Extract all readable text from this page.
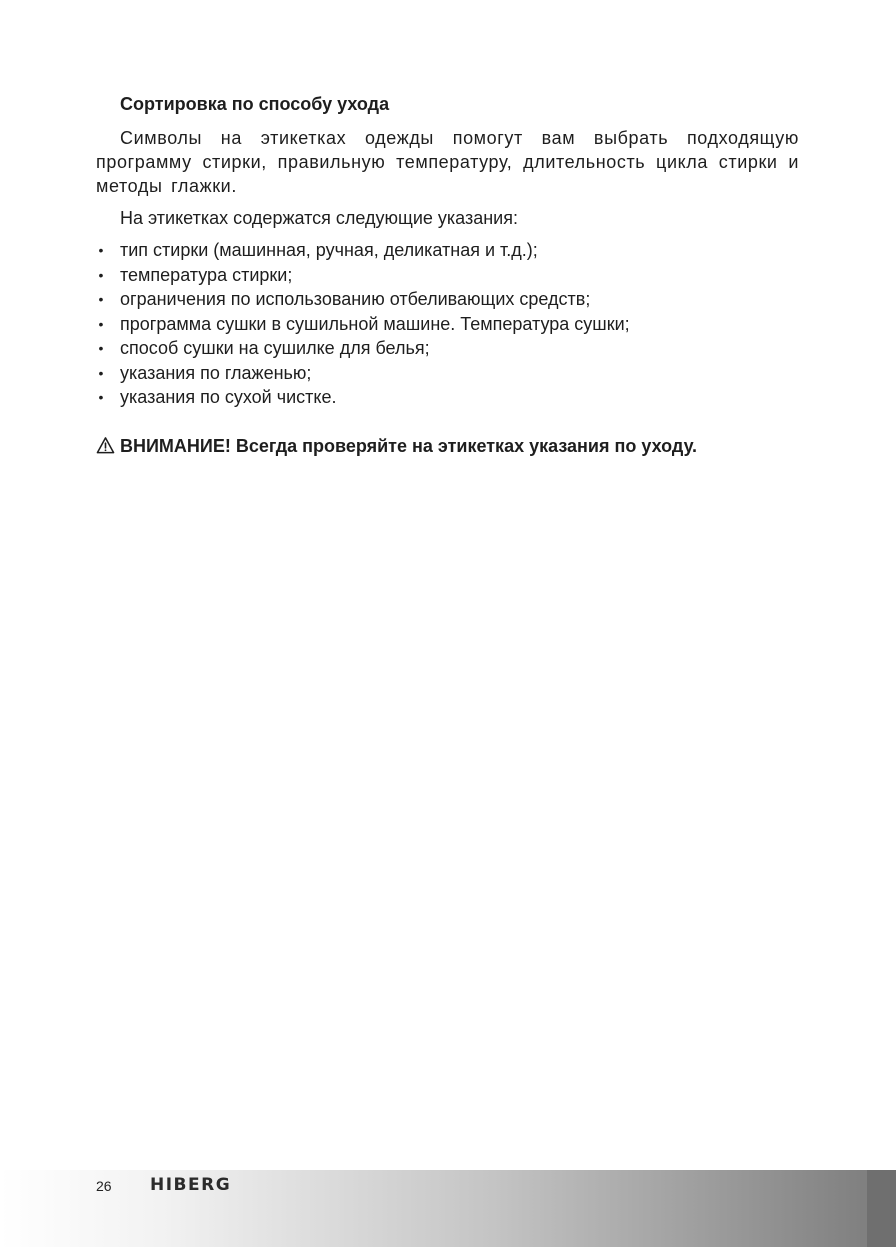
Сортировка по способу ухода

Символы на этикетках одежды помогут вам выбрать подходящую программу стирки, правильную температуру, длительность цикла стирки и методы глажки.

На этикетках содержатся следующие указания:

• тип стирки (машинная, ручная, деликатная и т.д.);
• температура стирки;
• ограничения по использованию отбеливающих средств;
• программа сушки в сушильной машине. Температура сушки;
• способ сушки на сушилке для белья;
• указания по глаженью;
• указания по сухой чистке.

ВНИМАНИЕ! Всегда проверяйте на этикетках указания по уходу.

26 HIBERG
